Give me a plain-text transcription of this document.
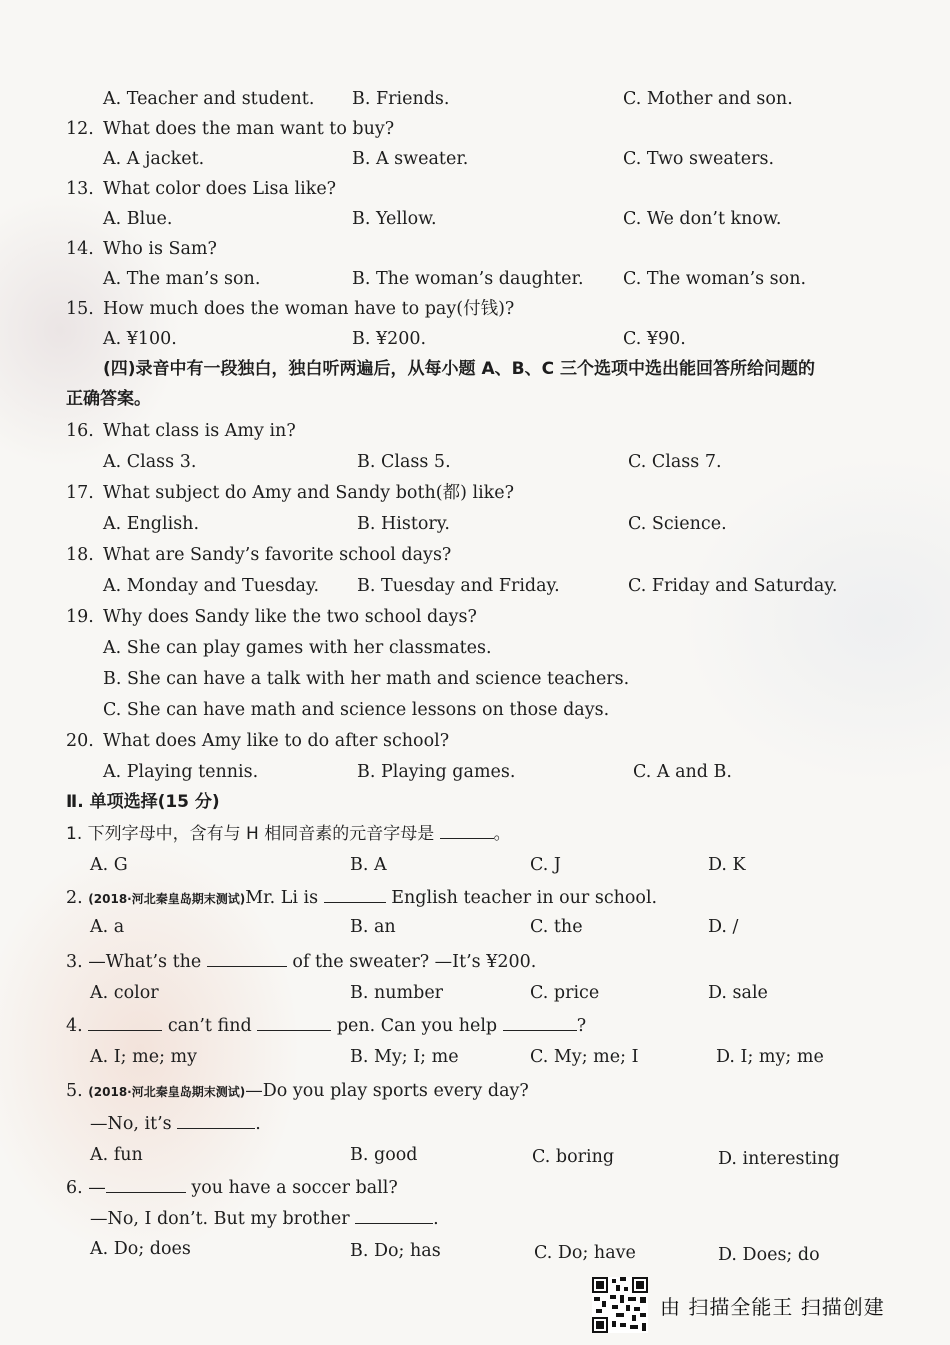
A. Teacher and student. B. Friends.	C. Mother and son.
12. What does the man want to buy?
A. A jacket.	B. A sweater.	C. Two sweaters.
13. What color does Lisa like?
A. Blue.	B. Yellow.	C. We don’t know.
14. Who is Sam?
A. The man’s son.	B. The woman’s daughter. C. The woman’s son.
15. How much does the woman have to pay(付钱)?
A. ¥100.	B. ¥200.	C. ¥90.
(四)录音中有一段独白，独白听两遍后，从每小题 A、B、C 三个选项中选出能回答所给问题的
正确答案。
16. What class is Amy in?
A. Class 3.	B. Class 5.	C. Class 7.
17. What subject do Amy and Sandy both(都) like?
A. English.	B. History.	C. Science.
18. What are Sandy’s favorite school days?
A. Monday and Tuesday. B. Tuesday and Friday.	C. Friday and Saturday.
19. Why does Sandy like the two school days?
A. She can play games with her classmates.
B. She can have a talk with her math and science teachers.
C. She can have math and science lessons on those days.
20. What does Amy like to do after school?
A. Playing tennis.	B. Playing games.	C. A and B.
Ⅱ. 单项选择(15 分)
1. 下列字母中，含有与 H 相同音素的元音字母是	。
A. G	B. A	C. J	D. K
2. (2018·河北秦皇岛期末测试)Mr. Li is	English teacher in our school.
A. a	B. an	C. the	D. /
3. —What’s the	of the sweater? —It’s ¥200.
A. color	B. number	C. price	D. sale
4.	can’t find	pen. Can you help	?
A. I; me; my	B. My; I; me	C. My; me; I	D. I; my; me
5. (2018·河北秦皇岛期末测试)—Do you play sports every day?
—No, it’s	.
A. fun	B. good	C. boring	D. interesting
6. —	you have a soccer ball?
—No, I don’t. But my brother	.
A. Do; does	B. Do; has	C. Do; have	D. Does; do
由 扫描全能王 扫描创建
